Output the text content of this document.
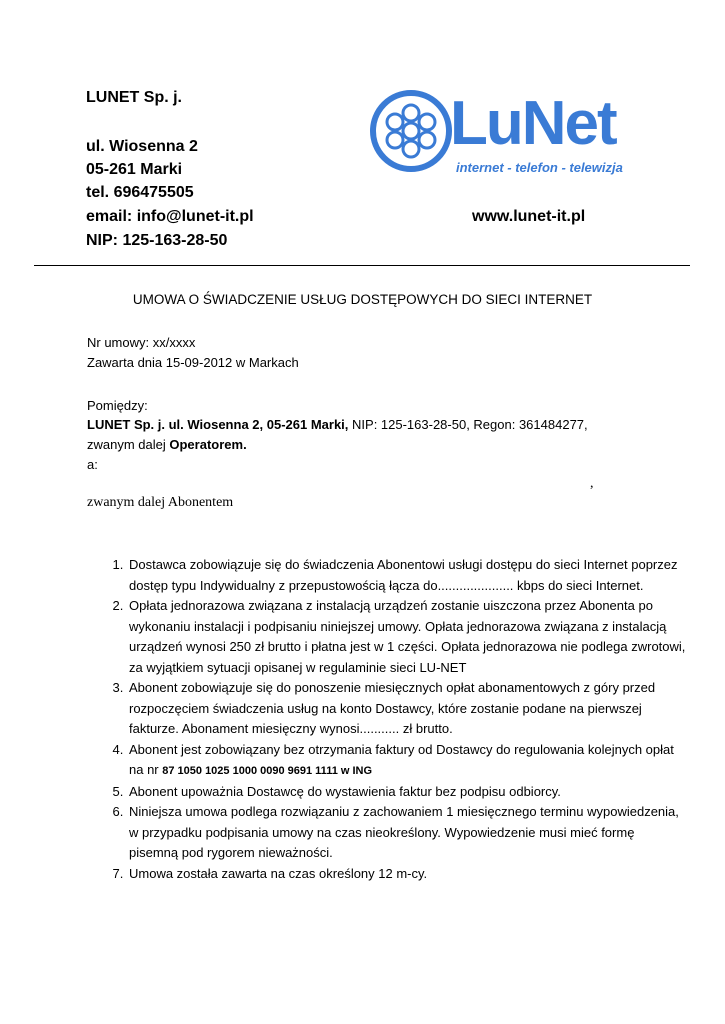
LUNET Sp. j.
ul. Wiosenna 2
05-261 Marki
tel. 696475505
email: info@lunet-it.pl	www.lunet-it.pl
NIP: 125-163-28-50
LuNet
internet - telefon - telewizja
UMOWA O ŚWIADCZENIE USŁUG DOSTĘPOWYCH DO SIECI INTERNET
Nr umowy: xx/xxxx
Zawarta dnia 15-09-2012 w Markach
Pomiędzy:
LUNET Sp. j. ul. Wiosenna 2, 05-261 Marki, NIP: 125-163-28-50, Regon: 361484277,
zwanym dalej Operatorem.
a:
,
zwanym dalej Abonentem
1. Dostawca zobowiązuje się do świadczenia Abonentowi usługi dostępu do sieci Internet poprzez dostęp typu Indywidualny z przepustowością łącza do..................... kbps do sieci Internet.
2. Opłata jednorazowa związana z instalacją urządzeń zostanie uiszczona przez Abonenta po wykonaniu instalacji i podpisaniu niniejszej umowy. Opłata jednorazowa związana z instalacją urządzeń wynosi 250 zł brutto i płatna jest w 1 części. Opłata jednorazowa nie podlega zwrotowi, za wyjątkiem sytuacji opisanej w regulaminie sieci LU-NET
3. Abonent zobowiązuje się do ponoszenie miesięcznych opłat abonamentowych z góry przed rozpoczęciem świadczenia usług na konto Dostawcy, które zostanie podane na pierwszej fakturze. Abonament miesięczny wynosi........... zł brutto.
4. Abonent jest zobowiązany bez otrzymania faktury od Dostawcy do regulowania kolejnych opłat na nr 87 1050 1025 1000 0090 9691 1111 w ING
5. Abonent upoważnia Dostawcę do wystawienia faktur bez podpisu odbiorcy.
6. Niniejsza umowa podlega rozwiązaniu z zachowaniem 1 miesięcznego terminu wypowiedzenia, w przypadku podpisania umowy na czas nieokreślony. Wypowiedzenie musi mieć formę pisemną pod rygorem nieważności.
7. Umowa została zawarta na czas określony 12 m-cy.
